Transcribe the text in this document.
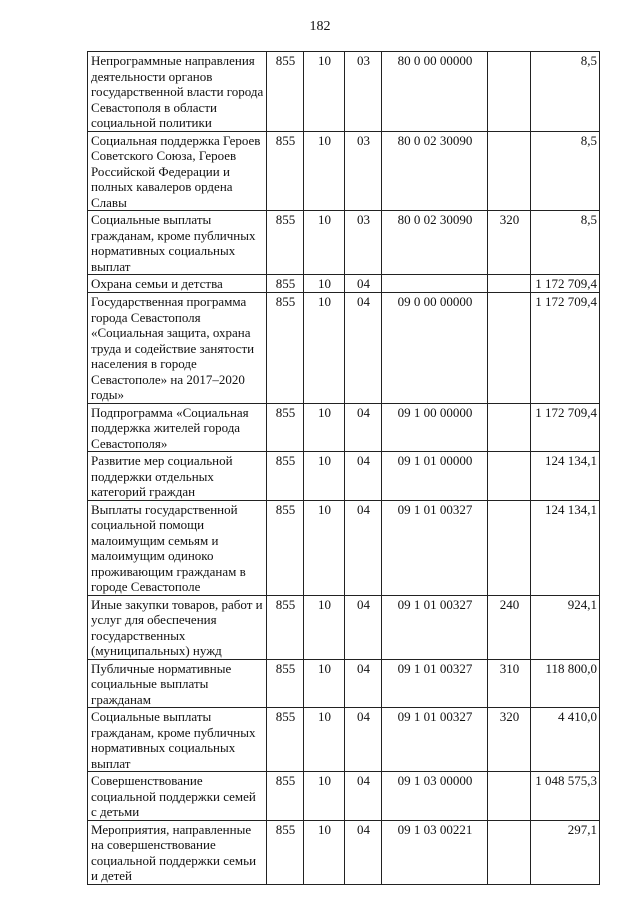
182
Непрограммные направления деятельности органов государственной власти города Севастополя в области социальной политики	855	10	03	80 0 00 00000		8,5
Социальная поддержка Героев Советского Союза, Героев Российской Федерации и полных кавалеров ордена Славы	855	10	03	80 0 02 30090		8,5
Социальные выплаты гражданам, кроме публичных нормативных социальных выплат	855	10	03	80 0 02 30090	320	8,5
Охрана семьи и детства	855	10	04			1 172 709,4
Государственная программа города Севастополя «Социальная защита, охрана труда и содействие занятости населения в городе Севастополе» на 2017–2020 годы»	855	10	04	09 0 00 00000		1 172 709,4
Подпрограмма «Социальная поддержка жителей города Севастополя»	855	10	04	09 1 00 00000		1 172 709,4
Развитие мер социальной поддержки отдельных категорий граждан	855	10	04	09 1 01 00000		124 134,1
Выплаты государственной социальной помощи малоимущим семьям и малоимущим одиноко проживающим гражданам в городе Севастополе	855	10	04	09 1 01 00327		124 134,1
Иные закупки товаров, работ и услуг для обеспечения государственных (муниципальных) нужд	855	10	04	09 1 01 00327	240	924,1
Публичные нормативные социальные выплаты гражданам	855	10	04	09 1 01 00327	310	118 800,0
Социальные выплаты гражданам, кроме публичных нормативных социальных выплат	855	10	04	09 1 01 00327	320	4 410,0
Совершенствование социальной поддержки семей с детьми	855	10	04	09 1 03 00000		1 048 575,3
Мероприятия, направленные на совершенствование социальной поддержки семьи и детей	855	10	04	09 1 03 00221		297,1
